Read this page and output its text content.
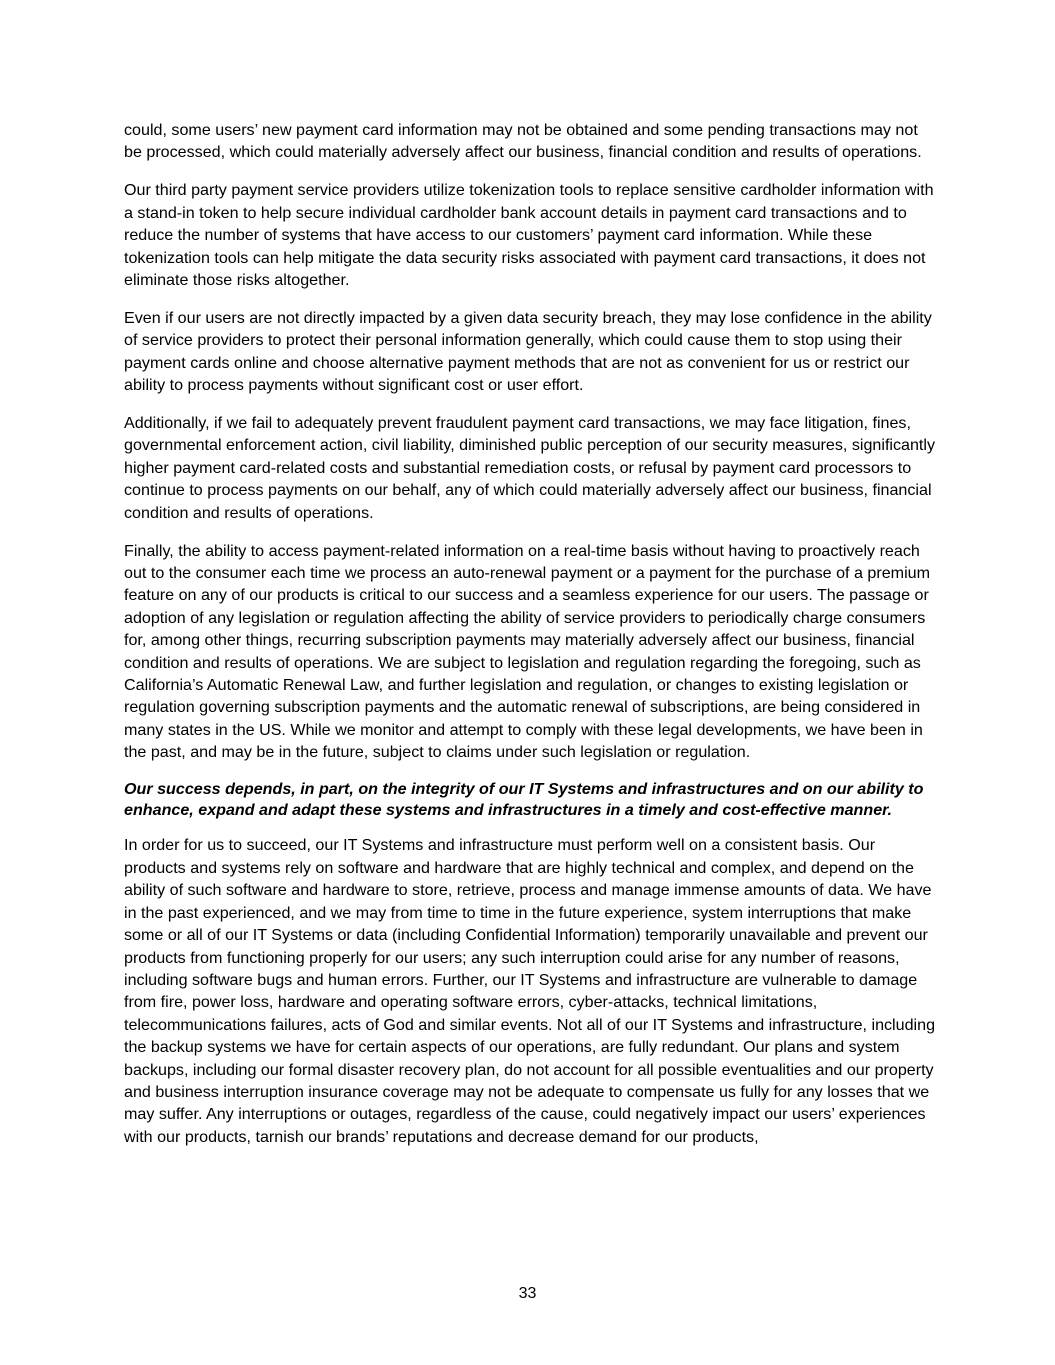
could, some users’ new payment card information may not be obtained and some pending transactions may not be processed, which could materially adversely affect our business, financial condition and results of operations.

Our third party payment service providers utilize tokenization tools to replace sensitive cardholder information with a stand-in token to help secure individual cardholder bank account details in payment card transactions and to reduce the number of systems that have access to our customers’ payment card information. While these tokenization tools can help mitigate the data security risks associated with payment card transactions, it does not eliminate those risks altogether.

Even if our users are not directly impacted by a given data security breach, they may lose confidence in the ability of service providers to protect their personal information generally, which could cause them to stop using their payment cards online and choose alternative payment methods that are not as convenient for us or restrict our ability to process payments without significant cost or user effort.

Additionally, if we fail to adequately prevent fraudulent payment card transactions, we may face litigation, fines, governmental enforcement action, civil liability, diminished public perception of our security measures, significantly higher payment card-related costs and substantial remediation costs, or refusal by payment card processors to continue to process payments on our behalf, any of which could materially adversely affect our business, financial condition and results of operations.

Finally, the ability to access payment-related information on a real-time basis without having to proactively reach out to the consumer each time we process an auto-renewal payment or a payment for the purchase of a premium feature on any of our products is critical to our success and a seamless experience for our users. The passage or adoption of any legislation or regulation affecting the ability of service providers to periodically charge consumers for, among other things, recurring subscription payments may materially adversely affect our business, financial condition and results of operations. We are subject to legislation and regulation regarding the foregoing, such as California’s Automatic Renewal Law, and further legislation and regulation, or changes to existing legislation or regulation governing subscription payments and the automatic renewal of subscriptions, are being considered in many states in the US. While we monitor and attempt to comply with these legal developments, we have been in the past, and may be in the future, subject to claims under such legislation or regulation.

Our success depends, in part, on the integrity of our IT Systems and infrastructures and on our ability to enhance, expand and adapt these systems and infrastructures in a timely and cost-effective manner.

In order for us to succeed, our IT Systems and infrastructure must perform well on a consistent basis. Our products and systems rely on software and hardware that are highly technical and complex, and depend on the ability of such software and hardware to store, retrieve, process and manage immense amounts of data. We have in the past experienced, and we may from time to time in the future experience, system interruptions that make some or all of our IT Systems or data (including Confidential Information) temporarily unavailable and prevent our products from functioning properly for our users; any such interruption could arise for any number of reasons, including software bugs and human errors. Further, our IT Systems and infrastructure are vulnerable to damage from fire, power loss, hardware and operating software errors, cyber-attacks, technical limitations, telecommunications failures, acts of God and similar events. Not all of our IT Systems and infrastructure, including the backup systems we have for certain aspects of our operations, are fully redundant. Our plans and system backups, including our formal disaster recovery plan, do not account for all possible eventualities and our property and business interruption insurance coverage may not be adequate to compensate us fully for any losses that we may suffer. Any interruptions or outages, regardless of the cause, could negatively impact our users’ experiences with our products, tarnish our brands’ reputations and decrease demand for our products,

33
